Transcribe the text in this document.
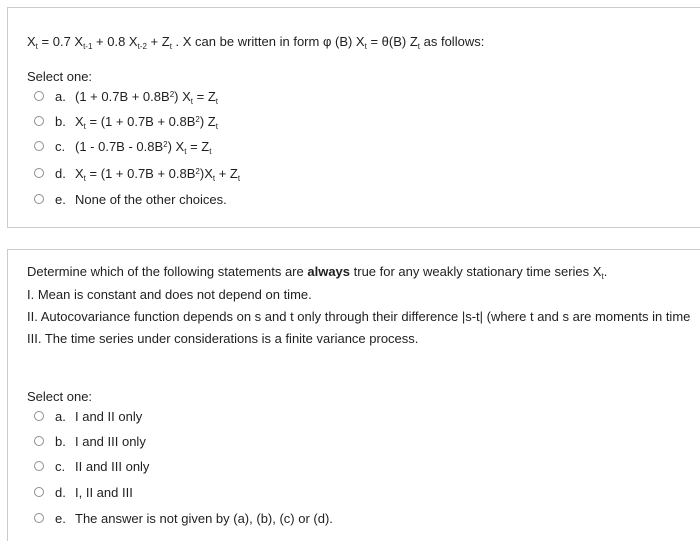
$X_t = 0.7$ $X_{t-1} + 0.8$ $X_{t-2} + Z_t$ . X can be written in form φ (B) $X_t = \theta(B)$ $Z_t$ as follows:
Select one:
a. $(1 + 0.7B + 0.8B^2)$ $X_t = Z_t$
b. $X_t = (1 + 0.7B + 0.8B^2)$ $Z_t$
c. $(1 - 0.7B - 0.8B^2)$ $X_t = Z_t$
d. $X_t = (1 + 0.7B + 0.8B^2)X_t + Z_t$
e. None of the other choices.
Determine which of the following statements are always true for any weakly stationary time series $X_t$.
I. Mean is constant and does not depend on time.
II. Autocovariance function depends on s and t only through their difference |s-t| (where t and s are moments in time
III. The time series under considerations is a finite variance process.
Select one:
a. I and II only
b. I and III only
c. II and III only
d. I, II and III
e. The answer is not given by (a), (b), (c) or (d).
